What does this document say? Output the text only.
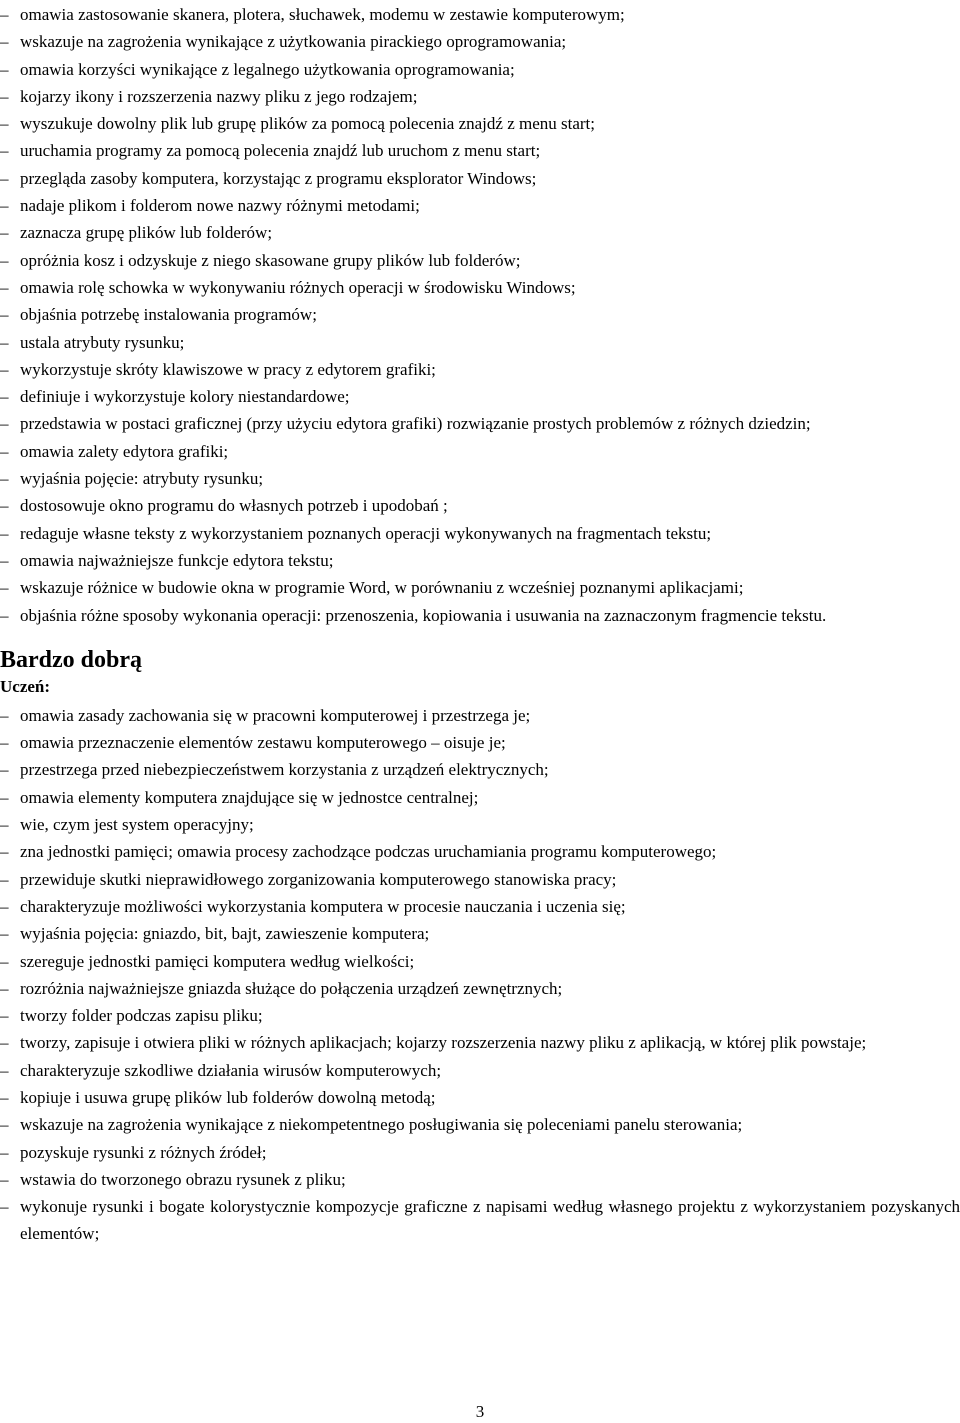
– omawia zastosowanie skanera, plotera, słuchawek, modemu w zestawie komputerowym;
– wskazuje na zagrożenia wynikające z użytkowania pirackiego oprogramowania;
– omawia korzyści wynikające z legalnego użytkowania oprogramowania;
– kojarzy ikony i rozszerzenia nazwy pliku z jego rodzajem;
– wyszukuje dowolny plik lub grupę plików za pomocą polecenia znajdź z menu start;
– uruchamia programy za pomocą polecenia znajdź lub uruchom z menu start;
– przegląda zasoby komputera, korzystając z programu eksplorator Windows;
– nadaje plikom i folderom nowe nazwy różnymi metodami;
– zaznacza grupę plików lub folderów;
– opróżnia kosz i odzyskuje z niego skasowane grupy plików lub folderów;
– omawia rolę schowka w wykonywaniu różnych operacji w środowisku Windows;
– objaśnia potrzebę instalowania programów;
– ustala atrybuty rysunku;
– wykorzystuje skróty klawiszowe w pracy z edytorem grafiki;
– definiuje i wykorzystuje kolory niestandardowe;
– przedstawia w postaci graficznej (przy użyciu edytora grafiki) rozwiązanie prostych problemów z różnych dziedzin;
– omawia zalety edytora grafiki;
– wyjaśnia pojęcie: atrybuty rysunku;
– dostosowuje okno programu do własnych potrzeb i upodobań ;
– redaguje własne teksty z wykorzystaniem poznanych operacji wykonywanych na fragmentach tekstu;
– omawia najważniejsze funkcje edytora tekstu;
– wskazuje różnice w budowie okna w programie Word, w porównaniu z wcześniej poznanymi aplikacjami;
– objaśnia różne sposoby wykonania operacji: przenoszenia, kopiowania i usuwania na zaznaczonym fragmencie tekstu.
Bardzo dobrą
Uczeń:
– omawia zasady zachowania się w pracowni komputerowej i przestrzega je;
– omawia przeznaczenie elementów zestawu komputerowego – oisuje je;
– przestrzega przed niebezpieczeństwem korzystania z urządzeń elektrycznych;
– omawia elementy komputera znajdujące się w jednostce centralnej;
– wie, czym jest system operacyjny;
– zna jednostki pamięci; omawia procesy zachodzące podczas uruchamiania programu komputerowego;
– przewiduje skutki nieprawidłowego zorganizowania komputerowego stanowiska pracy;
– charakteryzuje możliwości wykorzystania komputera w procesie nauczania i uczenia się;
– wyjaśnia pojęcia: gniazdo, bit, bajt, zawieszenie komputera;
– szereguje jednostki pamięci komputera według wielkości;
– rozróżnia najważniejsze gniazda służące do połączenia urządzeń zewnętrznych;
– tworzy folder podczas zapisu pliku;
– tworzy, zapisuje i otwiera pliki w różnych aplikacjach; kojarzy rozszerzenia nazwy pliku z aplikacją, w której plik powstaje;
– charakteryzuje szkodliwe działania wirusów komputerowych;
– kopiuje i usuwa grupę plików lub folderów dowolną metodą;
– wskazuje na zagrożenia wynikające z niekompetentnego posługiwania się poleceniami panelu sterowania;
– pozyskuje rysunki z różnych źródeł;
– wstawia do tworzonego obrazu rysunek z pliku;
– wykonuje rysunki i bogate kolorystycznie kompozycje graficzne z napisami według własnego projektu z wykorzystaniem pozyskanych elementów;
3
